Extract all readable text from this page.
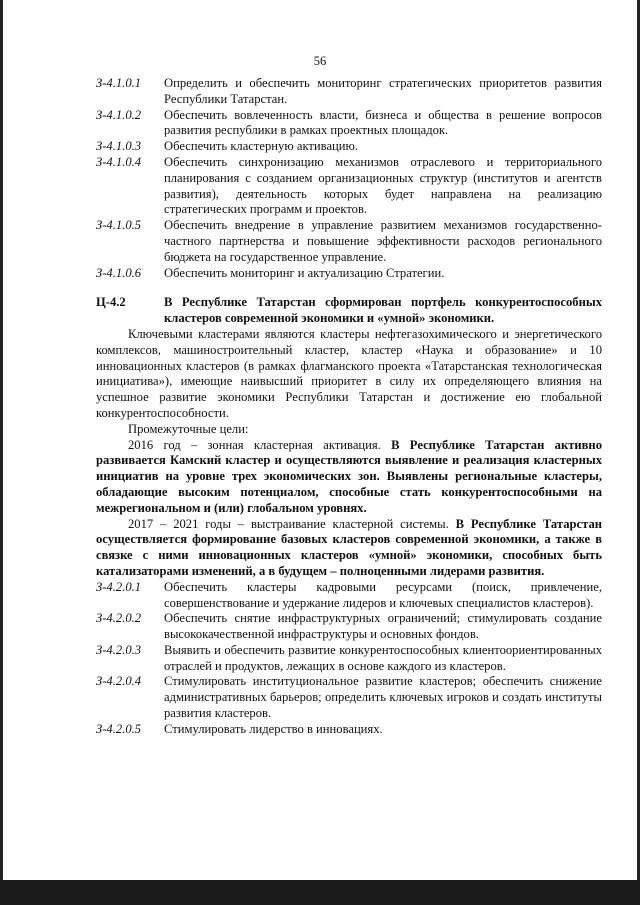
56
З-4.1.0.1	Определить и обеспечить мониторинг стратегических приоритетов развития Республики Татарстан.
З-4.1.0.2	Обеспечить вовлеченность власти, бизнеса и общества в решение вопросов развития республики в рамках проектных площадок.
З-4.1.0.3	Обеспечить кластерную активацию.
З-4.1.0.4	Обеспечить синхронизацию механизмов отраслевого и территориального планирования с созданием организационных структур (институтов и агентств развития), деятельность которых будет направлена на реализацию стратегических программ и проектов.
З-4.1.0.5	Обеспечить внедрение в управление развитием механизмов государственно-частного партнерства и повышение эффективности расходов регионального бюджета на государственное управление.
З-4.1.0.6	Обеспечить мониторинг и актуализацию Стратегии.
Ц-4.2	В Республике Татарстан сформирован портфель конкурентоспособных кластеров современной экономики и «умной» экономики.

Ключевыми кластерами являются кластеры нефтегазохимического и энергетического комплексов, машиностроительный кластер, кластер «Наука и образование» и 10 инновационных кластеров (в рамках флагманского проекта «Татарстанская технологическая инициатива»), имеющие наивысший приоритет в силу их определяющего влияния на успешное развитие экономики Республики Татарстан и достижение ею глобальной конкурентоспособности.

Промежуточные цели:

2016 год – зонная кластерная активация. В Республике Татарстан активно развивается Камский кластер и осуществляются выявление и реализация кластерных инициатив на уровне трех экономических зон. Выявлены региональные кластеры, обладающие высоким потенциалом, способные стать конкурентоспособными на межрегиональном и (или) глобальном уровнях.

2017 – 2021 годы – выстраивание кластерной системы. В Республике Татарстан осуществляется формирование базовых кластеров современной экономики, а также в связке с ними инновационных кластеров «умной» экономики, способных быть катализаторами изменений, а в будущем – полноценными лидерами развития.

З-4.2.0.1	Обеспечить кластеры кадровыми ресурсами (поиск, привлечение, совершенствование и удержание лидеров и ключевых специалистов кластеров).
З-4.2.0.2	Обеспечить снятие инфраструктурных ограничений; стимулировать создание высококачественной инфраструктуры и основных фондов.
З-4.2.0.3	Выявить и обеспечить развитие конкурентоспособных клиентоориентированных отраслей и продуктов, лежащих в основе каждого из кластеров.
З-4.2.0.4	Стимулировать институциональное развитие кластеров; обеспечить снижение административных барьеров; определить ключевых игроков и создать институты развития кластеров.
З-4.2.0.5	Стимулировать лидерство в инновациях.
